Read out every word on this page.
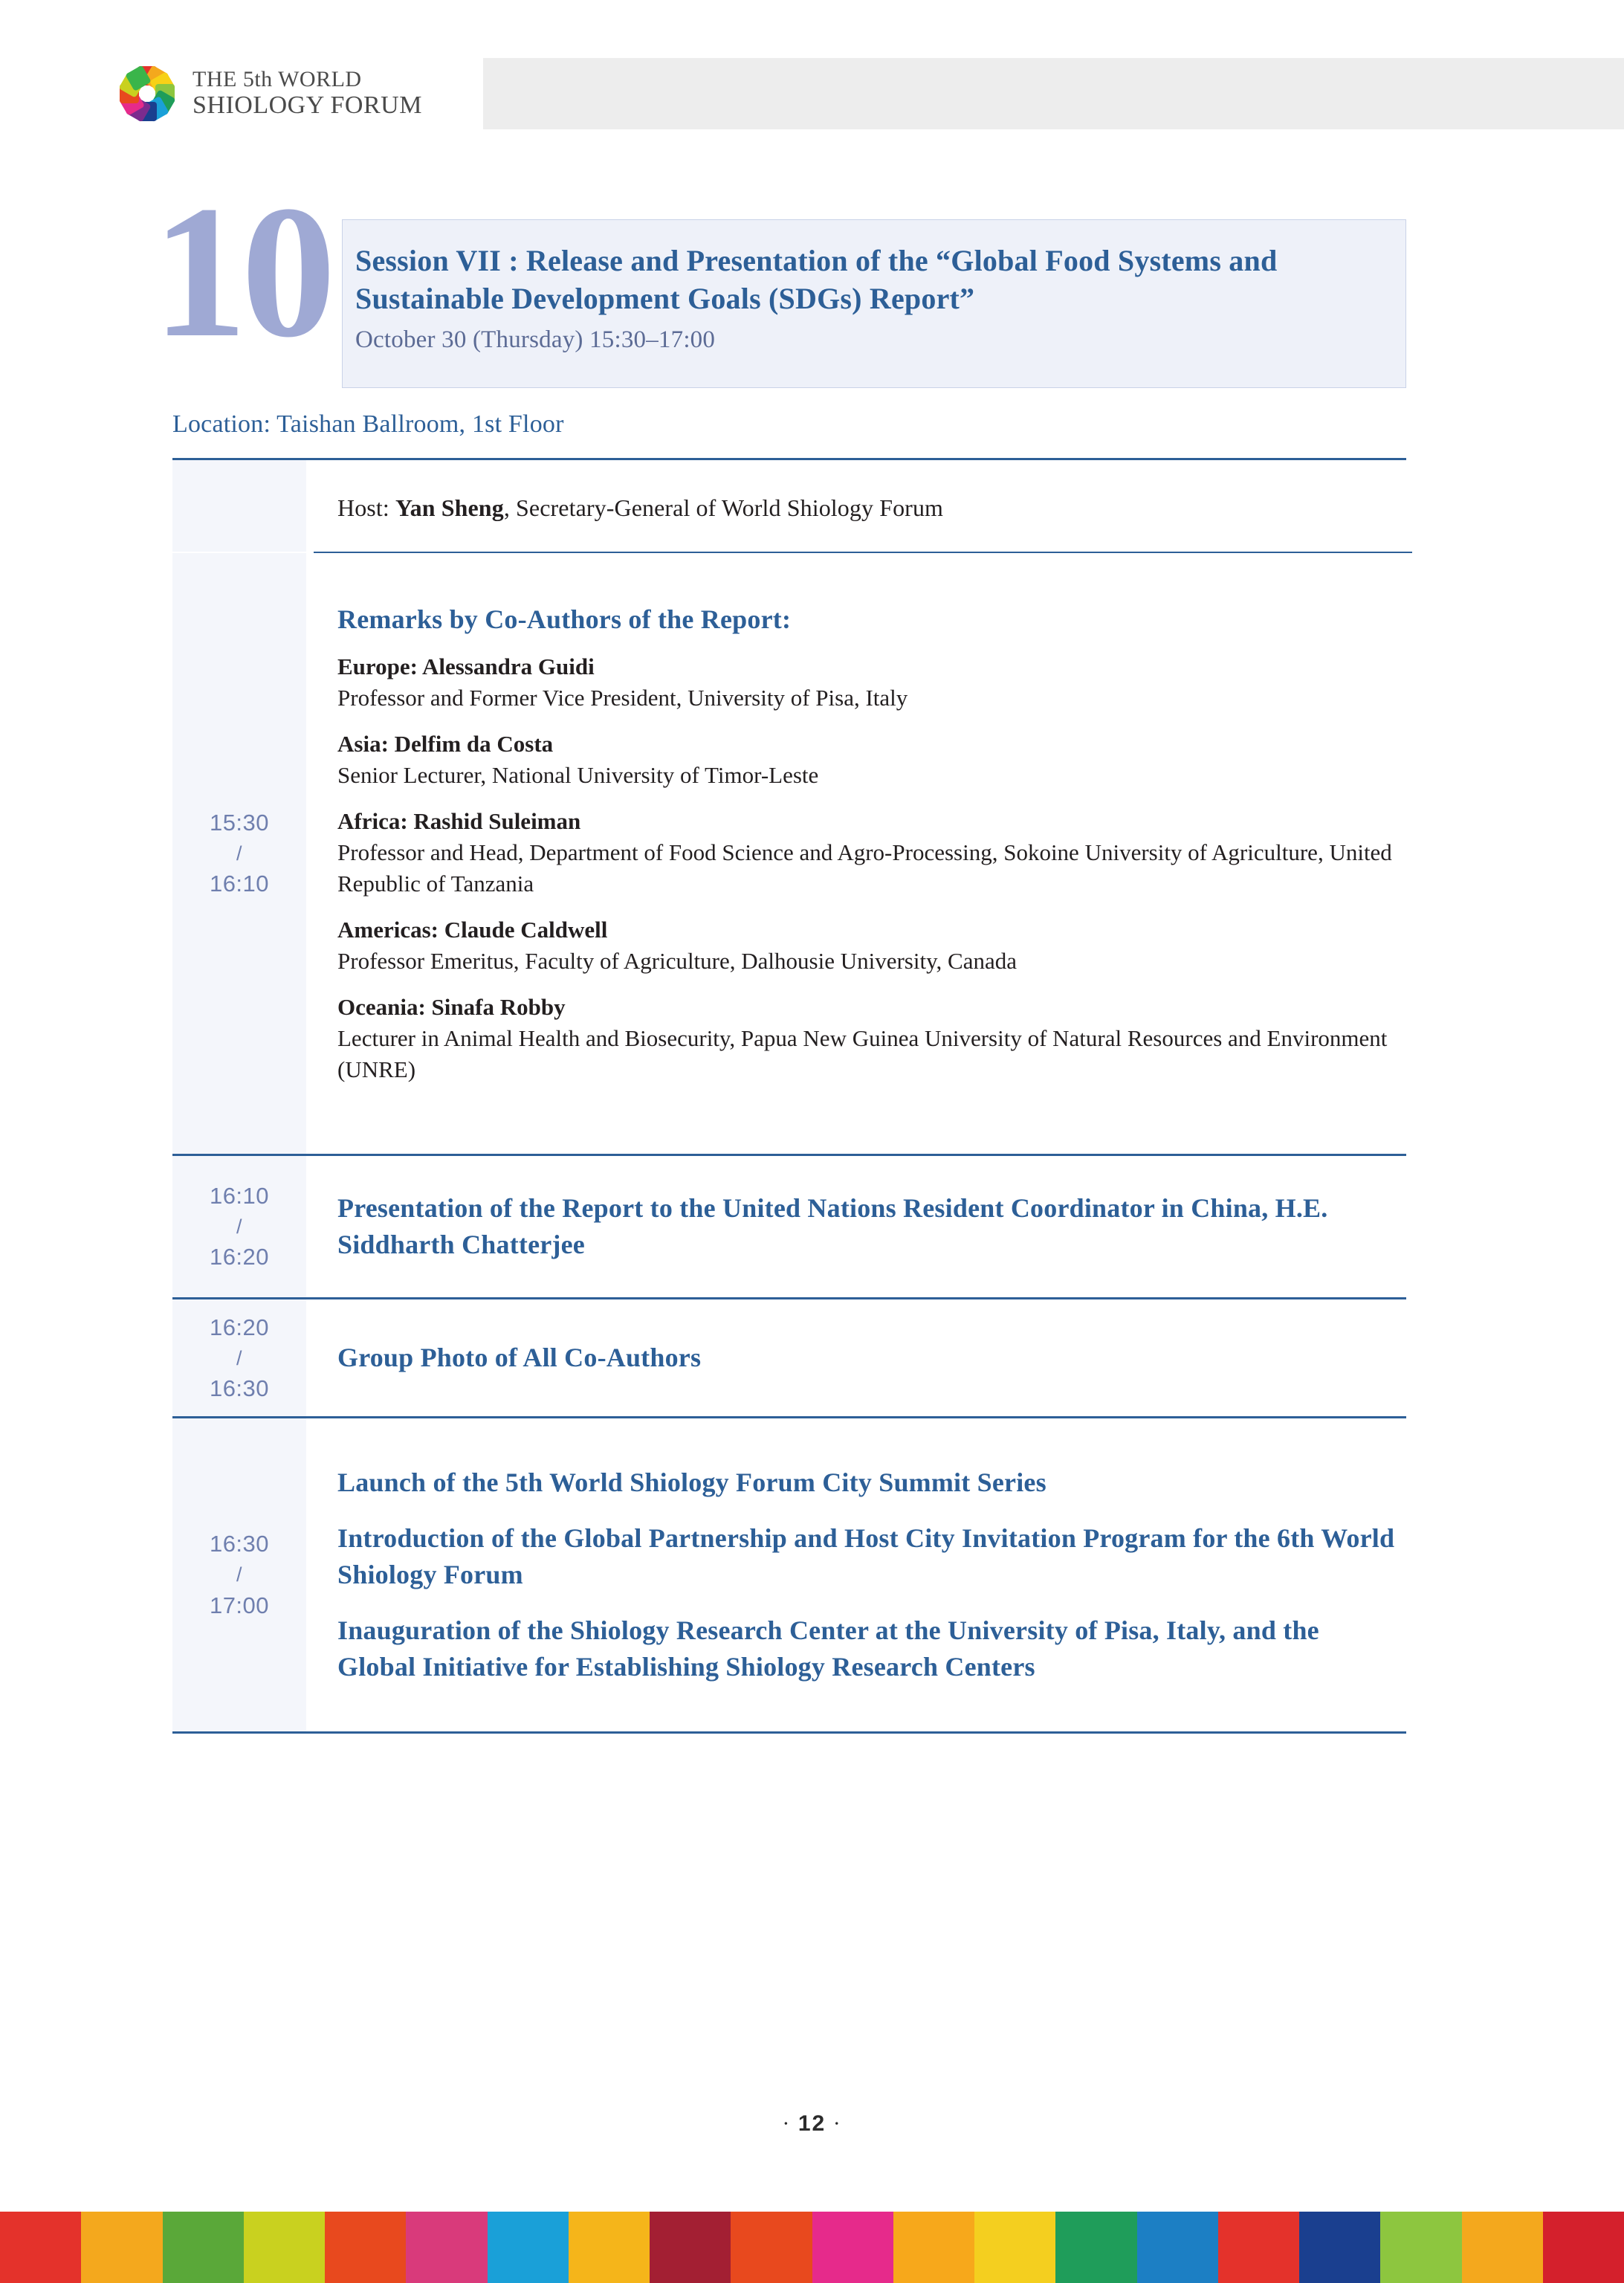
THE 5th WORLD
SHIOLOGY FORUM
10 Session VII : Release and Presentation of the “Global Food Systems and Sustainable Development Goals (SDGs) Report”
October 30 (Thursday) 15:30–17:00
Location: Taishan Ballroom, 1st Floor
Host: Yan Sheng, Secretary-General of World Shiology Forum
15:30
/
16:10
Remarks by Co-Authors of the Report:
Europe: Alessandra Guidi
Professor and Former Vice President, University of Pisa, Italy
Asia: Delfim da Costa
Senior Lecturer, National University of Timor-Leste
Africa: Rashid Suleiman
Professor and Head, Department of Food Science and Agro-Processing, Sokoine University of Agriculture, United Republic of Tanzania
Americas: Claude Caldwell
Professor Emeritus, Faculty of Agriculture, Dalhousie University, Canada
Oceania: Sinafa Robby
Lecturer in Animal Health and Biosecurity, Papua New Guinea University of Natural Resources and Environment (UNRE)
16:10
/
16:20
Presentation of the Report to the United Nations Resident Coordinator in China, H.E. Siddharth Chatterjee
16:20
/
16:30
Group Photo of All Co-Authors
16:30
/
17:00
Launch of the 5th World Shiology Forum City Summit Series
Introduction of the Global Partnership and Host City Invitation Program for the 6th World Shiology Forum
Inauguration of the Shiology Research Center at the University of Pisa, Italy, and the Global Initiative for Establishing Shiology Research Centers
· 12 ·
